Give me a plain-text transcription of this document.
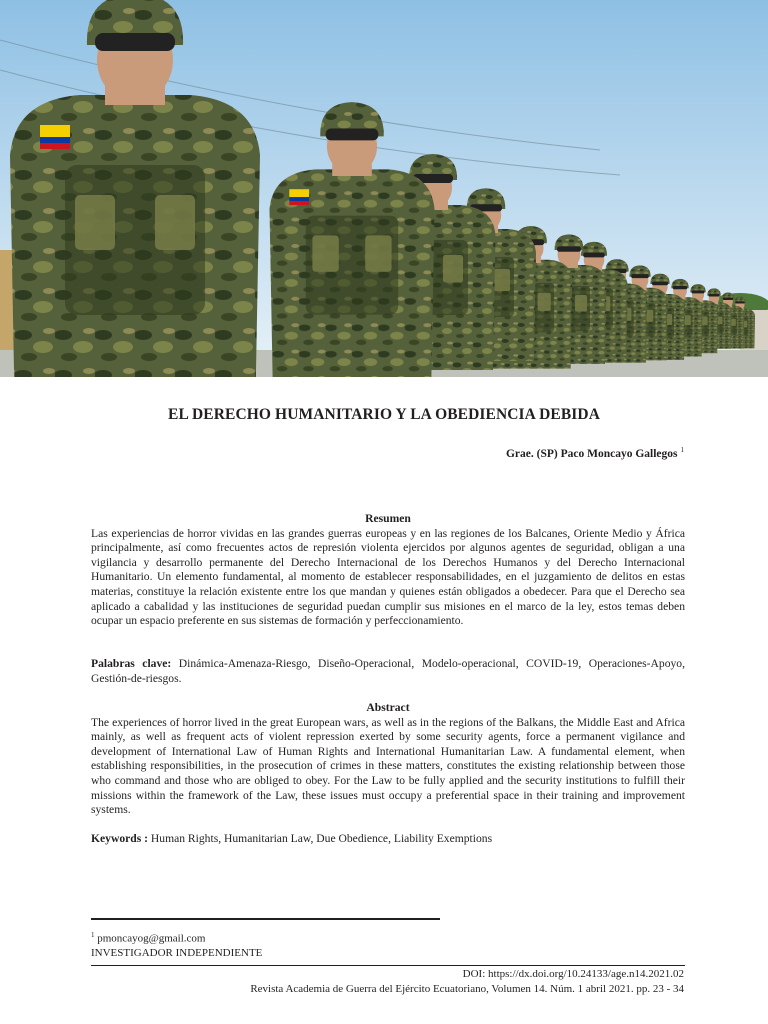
EL DERECHO HUMANITARIO Y LA OBEDIENCIA DEBIDA
Grae. (SP) Paco Moncayo Gallegos $^1$
Resumen

Las experiencias de horror vividas en las grandes guerras europeas y en las regiones de los Balcanes, Oriente Medio y África principalmente, así como frecuentes actos de represión violenta ejercidos por algunos agentes de seguridad, obligan a una vigilancia y desarrollo permanente del Derecho Internacional de los Derechos Humanos y del Derecho Internacional Humanitario. Un elemento fundamental, al momento de establecer responsabilidades, en el juzgamiento de delitos en estas materias, constituye la relación existente entre los que mandan y quienes están obligados a obedecer. Para que el Derecho sea aplicado a cabalidad y las instituciones de seguridad puedan cumplir sus misiones en el marco de la ley, estos temas deben ocupar un espacio preferente en sus sistemas de formación y perfeccionamiento.

Palabras clave: Dinámica-Amenaza-Riesgo, Diseño-Operacional, Modelo-operacional, COVID-19, Operaciones-Apoyo, Gestión-de-riesgos.

Abstract

The experiences of horror lived in the great European wars, as well as in the regions of the Balkans, the Middle East and Africa mainly, as well as frequent acts of violent repression exerted by some security agents, force a permanent vigilance and development of International Law of Human Rights and International Humanitarian Law. A fundamental element, when establishing responsibilities, in the prosecution of crimes in these matters, constitutes the existing relationship between those who command and those who are obliged to obey. For the Law to be fully applied and the security institutions to fulfill their missions within the framework of the Law, these issues must occupy a preferential space in their training and improvement systems.

Keywords : Human Rights, Humanitarian Law, Due Obedience, Liability Exemptions

$^1$ pmoncayog@gmail.com
INVESTIGADOR INDEPENDIENTE
DOI: https://dx.doi.org/10.24133/age.n14.2021.02
Revista Academia de Guerra del Ejército Ecuatoriano, Volumen 14. Núm. 1 abril 2021. pp. 23 - 34
